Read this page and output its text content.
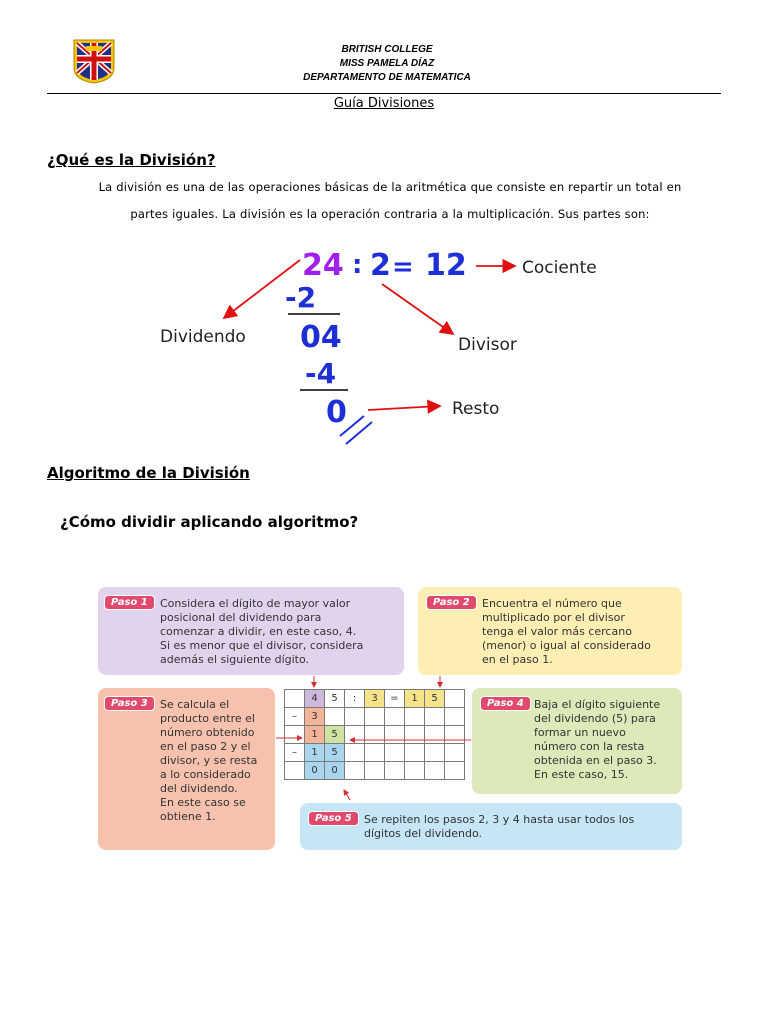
BRITISH COLLEGE
MISS PAMELA DÍAZ
DEPARTAMENTO DE MATEMATICA
Guía Divisiones
¿Qué es la División?
La división es una de las operaciones básicas de la aritmética que consiste en repartir un total en
partes iguales. La división es la operación contraria a la multiplicación. Sus partes son:
24 : 2 = 12
-2
04
-4
0
Cociente
Dividendo	Divisor
Resto
Algoritmo de la División
¿Cómo dividir aplicando algoritmo?
Paso 1	Considera el dígito de mayor valor
posicional del dividendo para
comenzar a dividir, en este caso, 4.
Si es menor que el divisor, considera
además el siguiente dígito.
Paso 2	Encuentra el número que
multiplicado por el divisor
tenga el valor más cercano
(menor) o igual al considerado
en el paso 1.
Paso 3	Se calcula el
producto entre el
número obtenido
en el paso 2 y el
divisor, y se resta
a lo considerado
del dividendo.
En este caso se
obtiene 1.
Paso 4 Baja el dígito siguiente
del dividendo (5) para
formar un nuevo
número con la resta
obtenida en el paso 3.
En este caso, 15.
Paso 5	Se repiten los pasos 2, 3 y 4 hasta usar todos los
dígitos del dividendo.
	4	5	:	3	=	1	5	
–	3							
	1	5						
–	1	5						
	0	0						
